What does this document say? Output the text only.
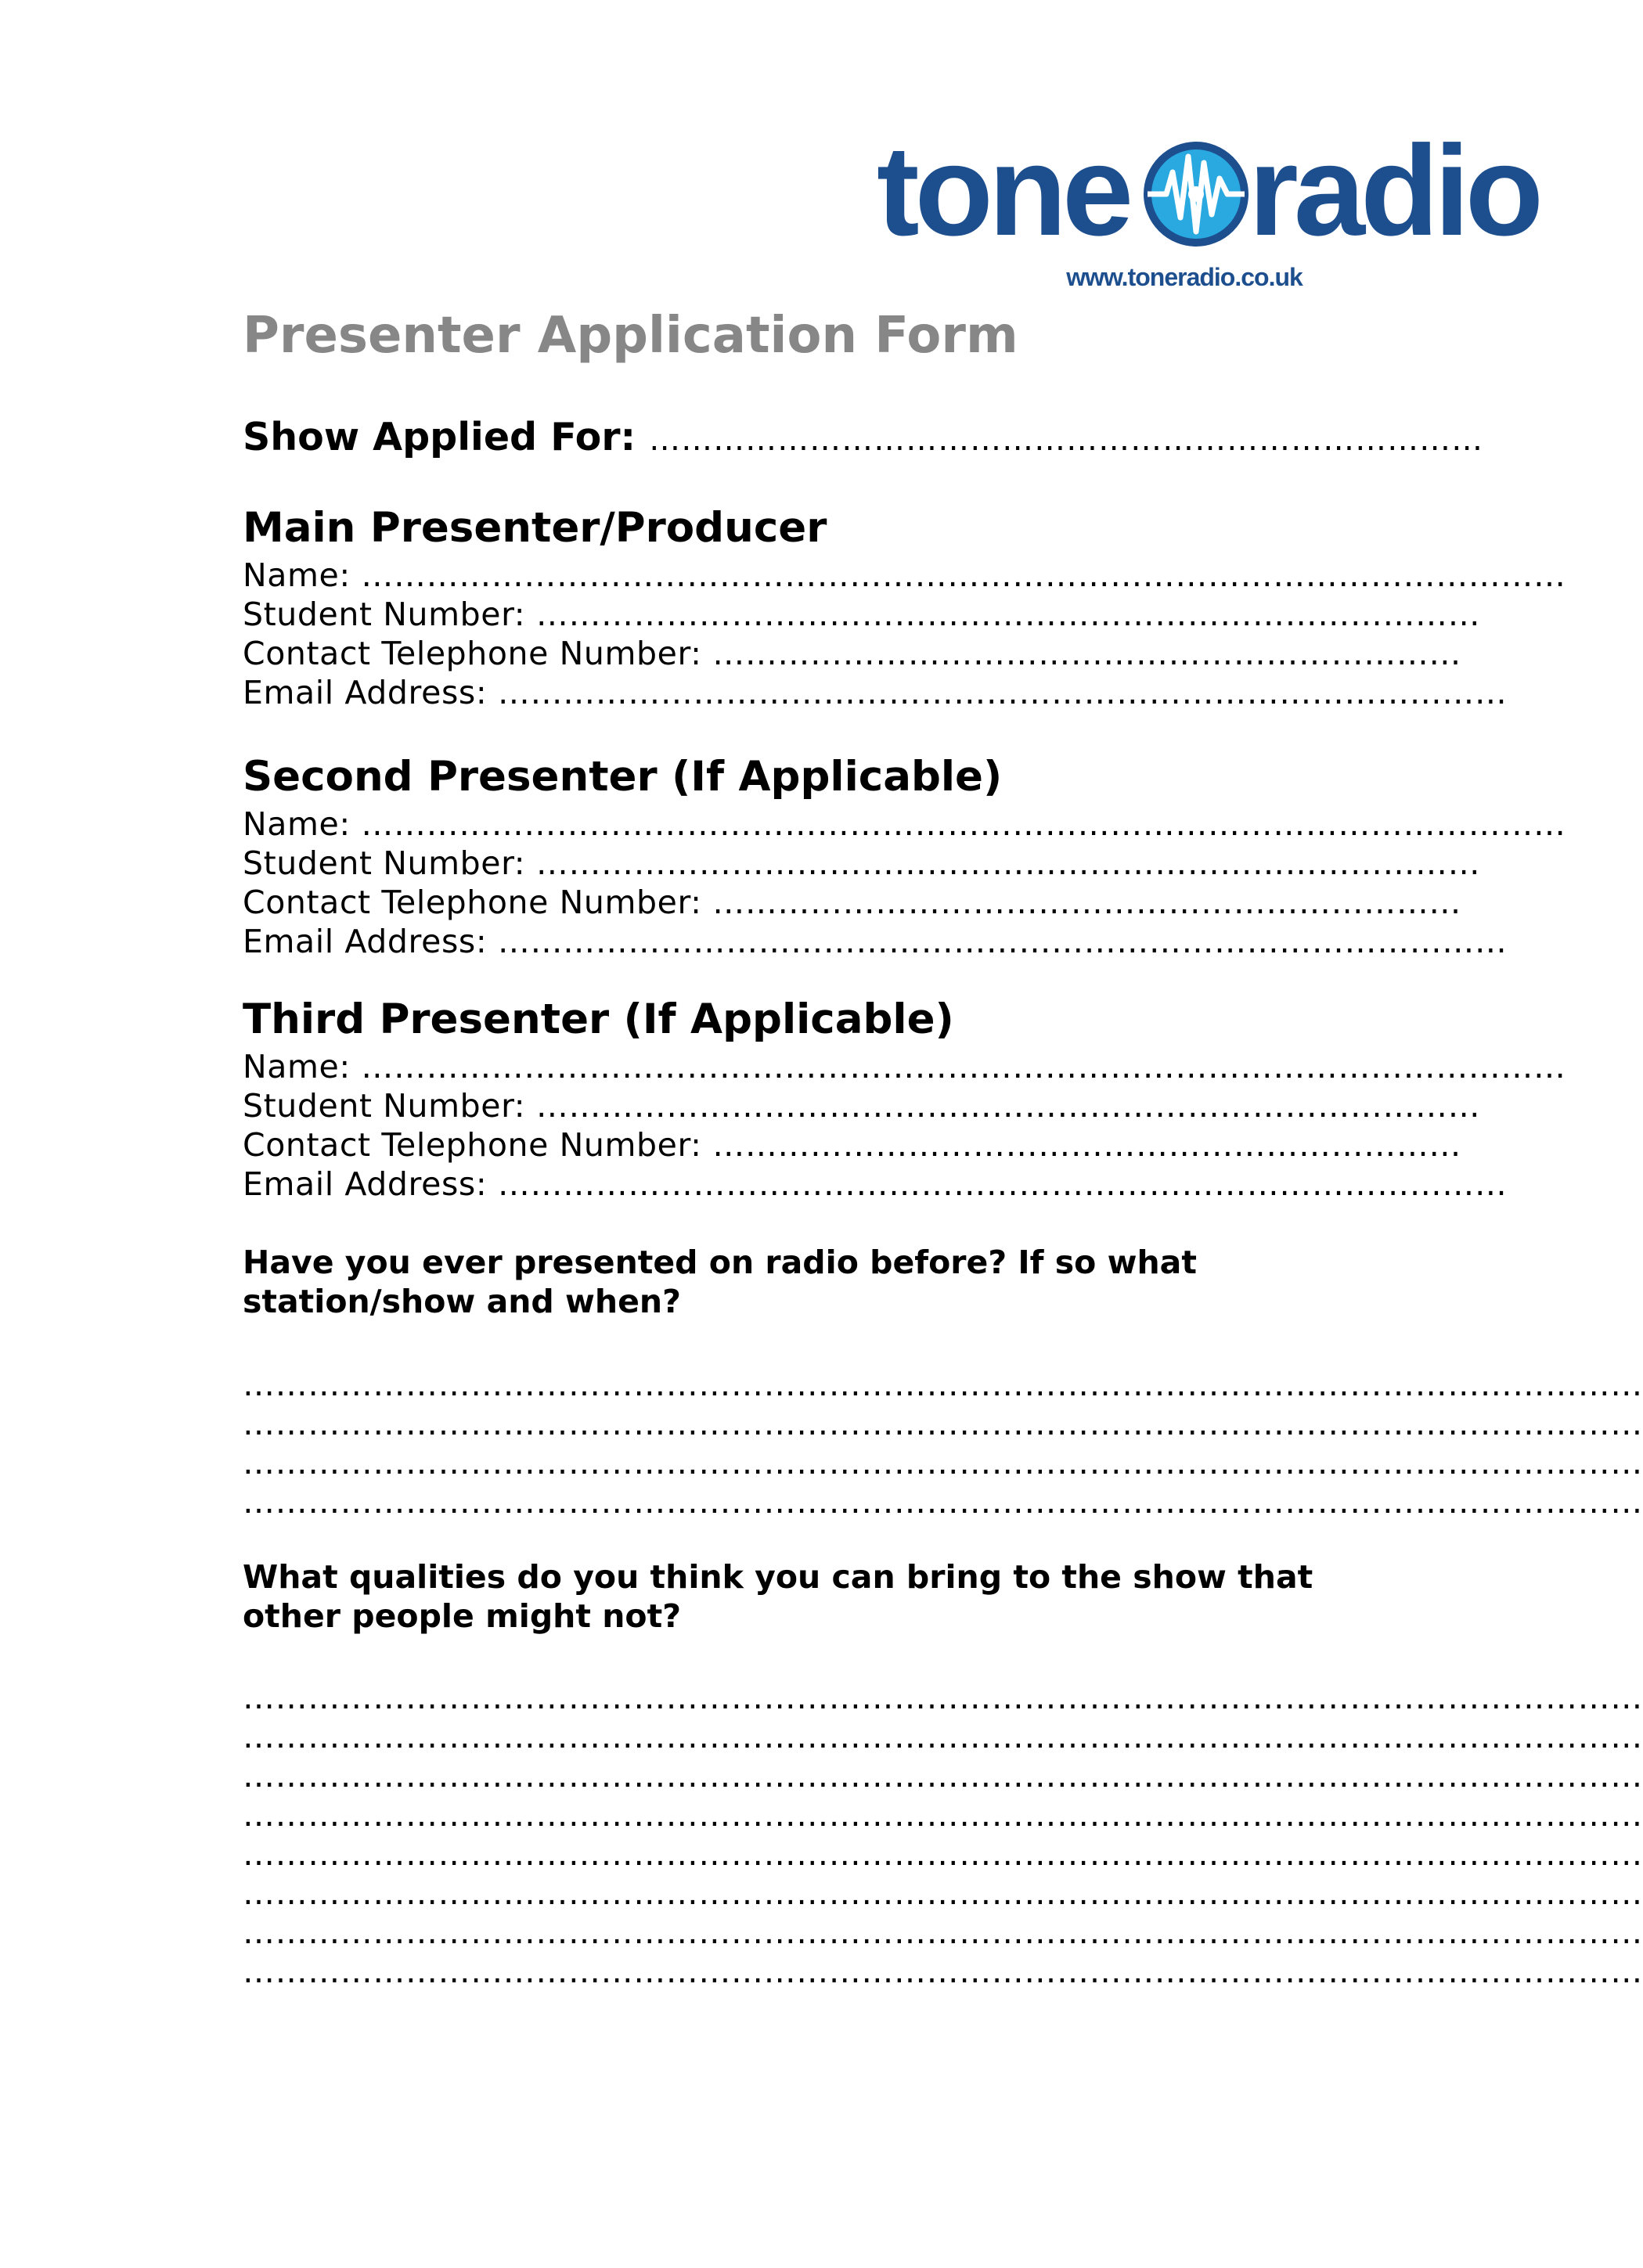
tone radio
www.toneradio.co.uk
Presenter Application Form
Show Applied For: ……………………………………………………………………
Main Presenter/Producer
Name: …………………………………………………………………………………………………
Student Number: ……………………………………………………………………………
Contact Telephone Number: ……………………………………………………………
Email Address: …………………………………………………………………………………
Second Presenter (If Applicable)
Name: …………………………………………………………………………………………………
Student Number: ……………………………………………………………………………
Contact Telephone Number: ……………………………………………………………
Email Address: …………………………………………………………………………………
Third Presenter (If Applicable)
Name: …………………………………………………………………………………………………
Student Number: ……………………………………………………………………………
Contact Telephone Number: ……………………………………………………………
Email Address: …………………………………………………………………………………
Have you ever presented on radio before? If so what station/show and when?
…………………………………………………………………………………………………………………
…………………………………………………………………………………………………………………
…………………………………………………………………………………………………………………
…………………………………………………………………………………………………………………
What qualities do you think you can bring to the show that other people might not?
…………………………………………………………………………………………………………………
…………………………………………………………………………………………………………………
…………………………………………………………………………………………………………………
…………………………………………………………………………………………………………………
…………………………………………………………………………………………………………………
…………………………………………………………………………………………………………………
…………………………………………………………………………………………………………………
…………………………………………………………………………………………………………………
